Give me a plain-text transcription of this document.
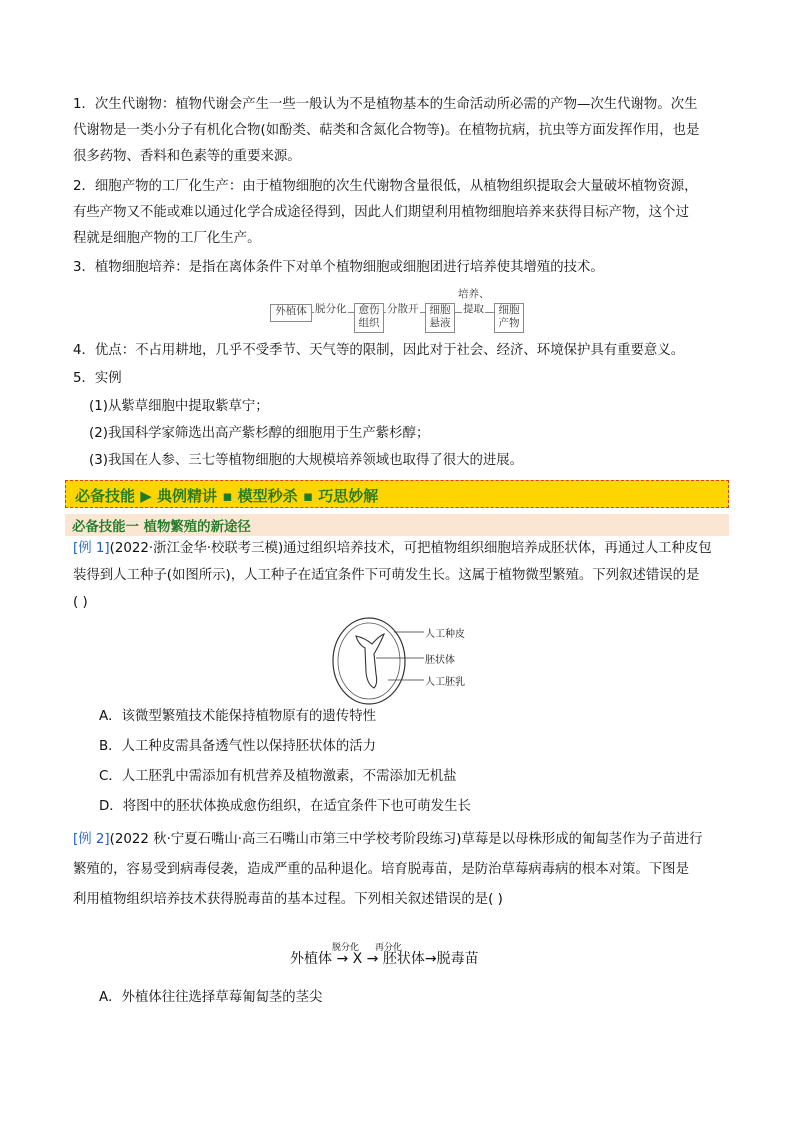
1．次生代谢物：植物代谢会产生一些一般认为不是植物基本的生命活动所必需的产物—次生代谢物。次生
代谢物是一类小分子有机化合物(如酚类、萜类和含氮化合物等)。在植物抗病，抗虫等方面发挥作用，也是
很多药物、香料和色素等的重要来源。
2．细胞产物的工厂化生产：由于植物细胞的次生代谢物含量很低，从植物组织提取会大量破坏植物资源，
有些产物又不能或难以通过化学合成途径得到，因此人们期望利用植物细胞培养来获得目标产物，这个过
程就是细胞产物的工厂化生产。
3．植物细胞培养：是指在离体条件下对单个植物细胞或细胞团进行培养使其增殖的技术。
外植体 脱分化	愈伤
组织
分散开	细胞
悬液
培养、
提取	细胞
产物
4．优点：不占用耕地，几乎不受季节、天气等的限制，因此对于社会、经济、环境保护具有重要意义。
5．实例
(1)从紫草细胞中提取紫草宁；
(2)我国科学家筛选出高产紫杉醇的细胞用于生产紫杉醇；
(3)我国在人参、三七等植物细胞的大规模培养领域也取得了很大的进展。
必备技能 ▶ 典例精讲 ▪ 模型秒杀 ▪ 巧思妙解
必备技能一 植物繁殖的新途径
[例 1](2022·浙江金华·校联考三模)通过组织培养技术，可把植物组织细胞培养成胚状体，再通过人工种皮包
装得到人工种子(如图所示)，人工种子在适宜条件下可萌发生长。这属于植物微型繁殖。下列叙述错误的是
( )
人工种皮
胚状体
人工胚乳
A．该微型繁殖技术能保持植物原有的遗传特性
B．人工种皮需具备透气性以保持胚状体的活力
C．人工胚乳中需添加有机营养及植物激素，不需添加无机盐
D．将图中的胚状体换成愈伤组织，在适宜条件下也可萌发生长
[例 2](2022 秋·宁夏石嘴山·高三石嘴山市第三中学校考阶段练习)草莓是以母株形成的匍匐茎作为子苗进行
繁殖的，容易受到病毒侵袭，造成严重的品种退化。培育脱毒苗，是防治草莓病毒病的根本对策。下图是
利用植物组织培养技术获得脱毒苗的基本过程。下列相关叙述错误的是( )
脱分化 再分化
外植体 → X → 胚状体→脱毒苗
A．外植体往往选择草莓匍匐茎的茎尖
